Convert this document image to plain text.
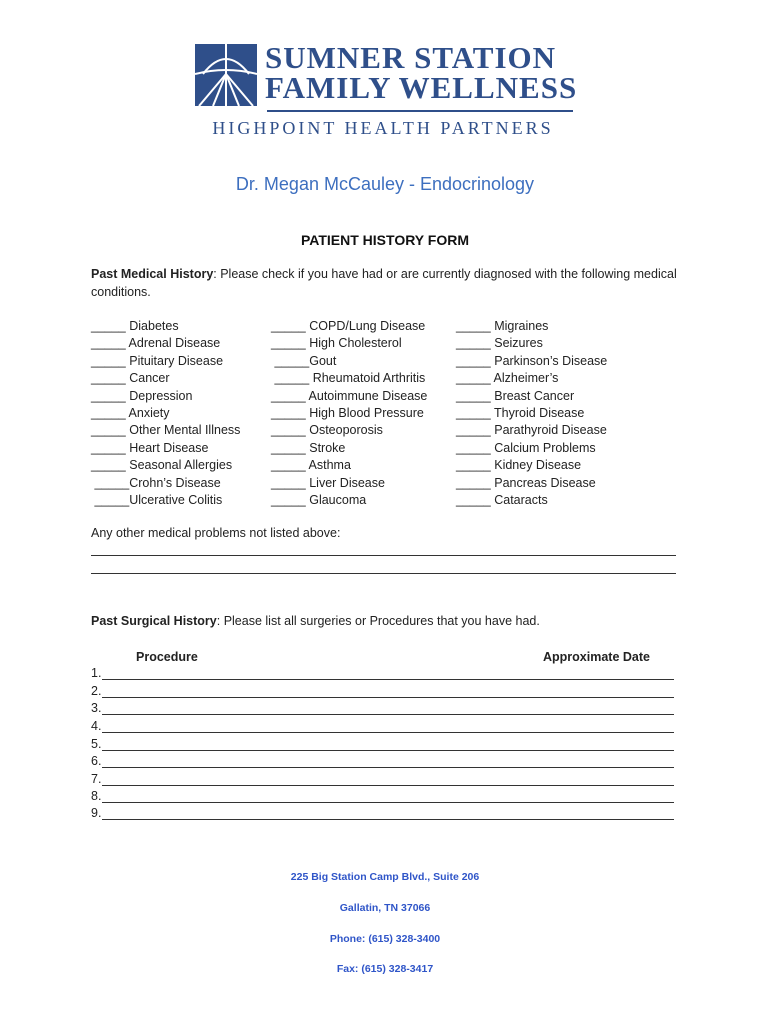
SUMNER STATION
FAMILY WELLNESS
HIGHPOINT HEALTH PARTNERS
Dr. Megan McCauley - Endocrinology
PATIENT HISTORY FORM
Past Medical History: Please check if you have had or are currently diagnosed with the following medical conditions.
_____ Diabetes
_____ Adrenal Disease
_____ Pituitary Disease
_____ Cancer
_____ Depression
_____ Anxiety
_____ Other Mental Illness
_____ Heart Disease
_____ Seasonal Allergies
_____Crohn’s Disease
_____Ulcerative Colitis
_____ COPD/Lung Disease
_____ High Cholesterol
_____Gout
_____ Rheumatoid Arthritis
_____ Autoimmune Disease
_____ High Blood Pressure
_____ Osteoporosis
_____ Stroke
_____ Asthma
_____ Liver Disease
_____ Glaucoma
_____ Migraines
_____ Seizures
_____ Parkinson’s Disease
_____ Alzheimer’s
_____ Breast Cancer
_____ Thyroid Disease
_____ Parathyroid Disease
_____ Calcium Problems
_____ Kidney Disease
_____ Pancreas Disease
_____ Cataracts
Any other medical problems not listed above:
Past Surgical History: Please list all surgeries or Procedures that you have had.
Procedure	Approximate Date
1.
2.
3.
4.
5.
6.
7.
8.
9.
225 Big Station Camp Blvd., Suite 206
Gallatin, TN 37066
Phone: (615) 328-3400
Fax: (615) 328-3417
